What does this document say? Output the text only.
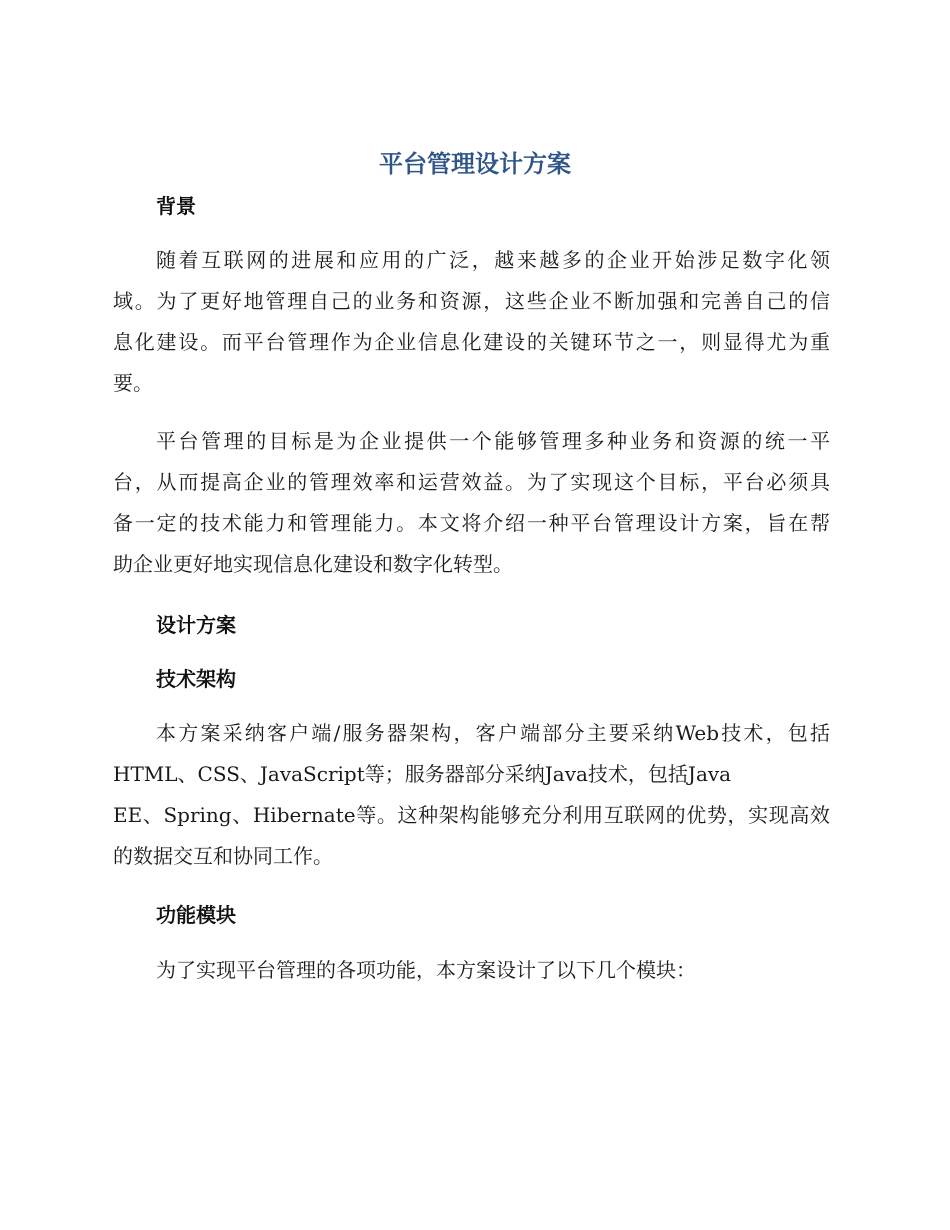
平台管理设计方案
背景

随着互联网的进展和应用的广泛，越来越多的企业开始涉足数字化领
域。为了更好地管理自己的业务和资源，这些企业不断加强和完善自己的信
息化建设。而平台管理作为企业信息化建设的关键环节之一，则显得尤为重
要。

平台管理的目标是为企业提供一个能够管理多种业务和资源的统一平
台，从而提高企业的管理效率和运营效益。为了实现这个目标，平台必须具
备一定的技术能力和管理能力。本文将介绍一种平台管理设计方案，旨在帮
助企业更好地实现信息化建设和数字化转型。

设计方案
技术架构

本方案采纳客户端/服务器架构，客户端部分主要采纳Web技术，包括
HTML、CSS、JavaScript等；服务器部分采纳Java技术，包括Java
EE、Spring、Hibernate等。这种架构能够充分利用互联网的优势，实现高效
的数据交互和协同工作。

功能模块

为了实现平台管理的各项功能，本方案设计了以下几个模块：
